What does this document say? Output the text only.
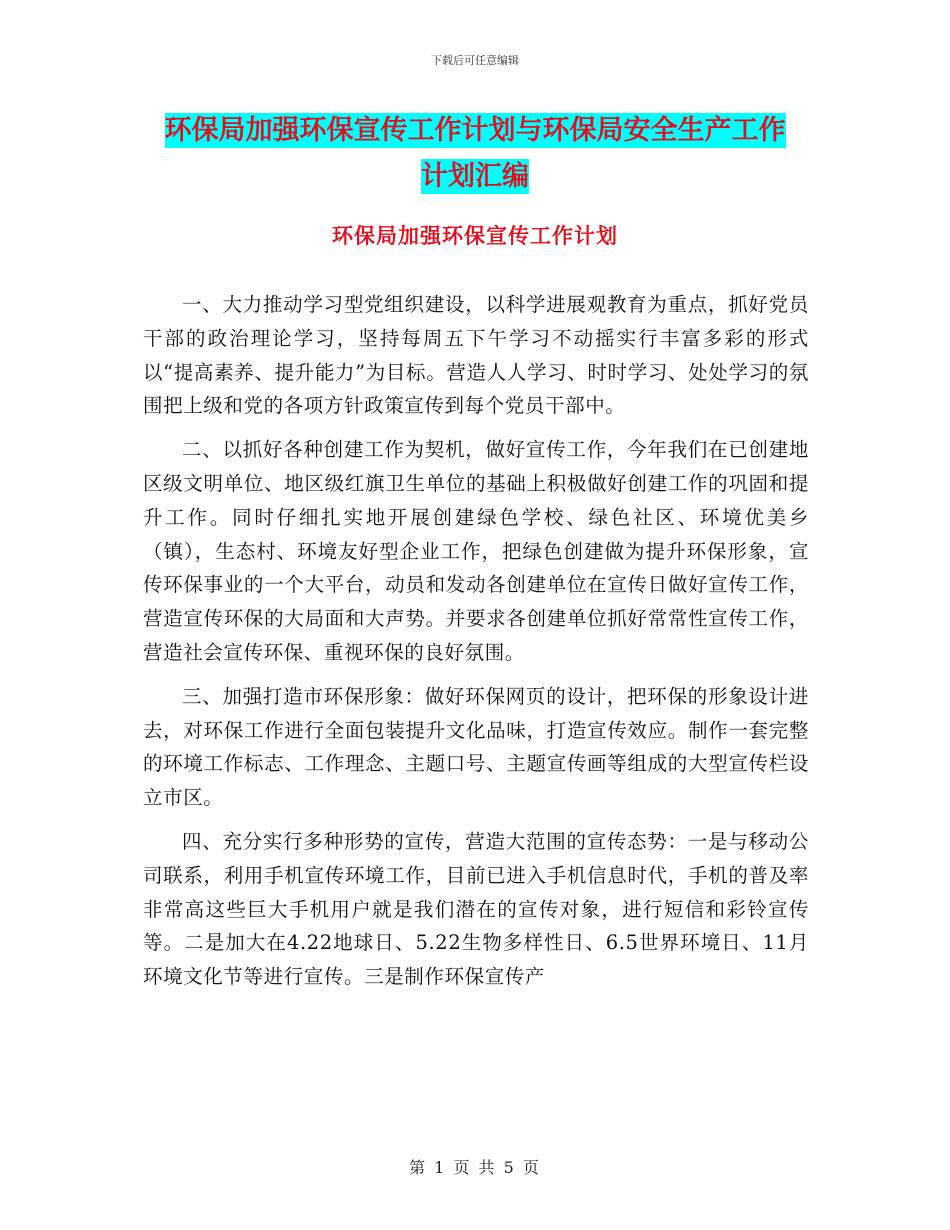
下载后可任意编辑
环保局加强环保宣传工作计划与环保局安全生产工作
计划汇编
环保局加强环保宣传工作计划

一、大力推动学习型党组织建设，以科学进展观教育为重点，抓好党员干部的政治理论学习，坚持每周五下午学习不动摇实行丰富多彩的形式以“提高素养、提升能力”为目标。营造人人学习、时时学习、处处学习的氛围把上级和党的各项方针政策宣传到每个党员干部中。

二、以抓好各种创建工作为契机，做好宣传工作，今年我们在已创建地区级文明单位、地区级红旗卫生单位的基础上积极做好创建工作的巩固和提升工作。同时仔细扎实地开展创建绿色学校、绿色社区、环境优美乡（镇），生态村、环境友好型企业工作，把绿色创建做为提升环保形象，宣传环保事业的一个大平台，动员和发动各创建单位在宣传日做好宣传工作，营造宣传环保的大局面和大声势。并要求各创建单位抓好常常性宣传工作，营造社会宣传环保、重视环保的良好氛围。

三、加强打造市环保形象：做好环保网页的设计，把环保的形象设计进去，对环保工作进行全面包装提升文化品味，打造宣传效应。制作一套完整的环境工作标志、工作理念、主题口号、主题宣传画等组成的大型宣传栏设立市区。

四、充分实行多种形势的宣传，营造大范围的宣传态势：一是与移动公司联系，利用手机宣传环境工作，目前已进入手机信息时代，手机的普及率非常高这些巨大手机用户就是我们潜在的宣传对象，进行短信和彩铃宣传等。二是加大在4.22地球日、5.22生物多样性日、6.5世界环境日、11月环境文化节等进行宣传。三是制作环保宣传产

第 1 页 共 5 页
